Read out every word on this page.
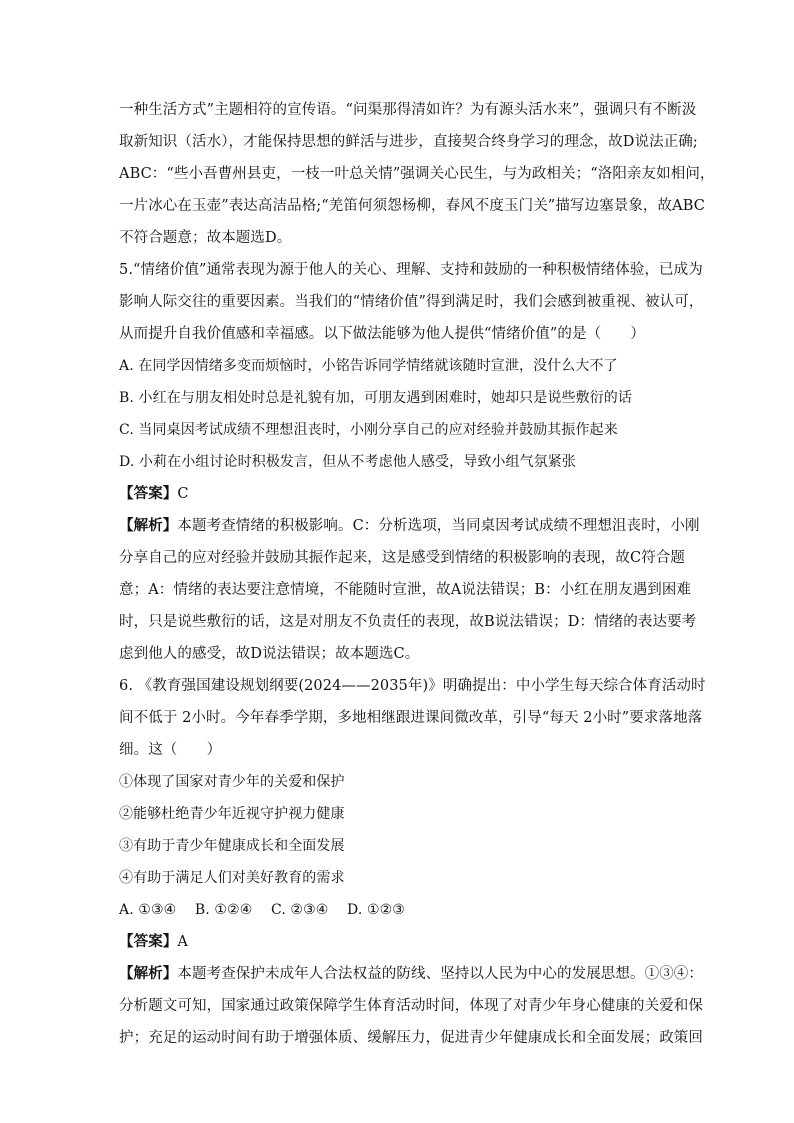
一种生活方式”主题相符的宣传语。“问渠那得清如许？为有源头活水来”，强调只有不断汲
取新知识（活水），才能保持思想的鲜活与进步，直接契合终身学习的理念，故D说法正确;
ABC：“些小吾曹州县吏，一枝一叶总关情”强调关心民生，与为政相关；“洛阳亲友如相问，
一片冰心在玉壶”表达高洁品格;“羌笛何须怨杨柳，春风不度玉门关”描写边塞景象，故ABC
不符合题意；故本题选D。
5.“情绪价值”通常表现为源于他人的关心、理解、支持和鼓励的一种积极情绪体验，已成为
影响人际交往的重要因素。当我们的“情绪价值”得到满足时，我们会感到被重视、被认可，
从而提升自我价值感和幸福感。以下做法能够为他人提供“情绪价值”的是（　　）
A. 在同学因情绪多变而烦恼时，小铭告诉同学情绪就该随时宣泄，没什么大不了
B. 小红在与朋友相处时总是礼貌有加，可朋友遇到困难时，她却只是说些敷衍的话
C. 当同桌因考试成绩不理想沮丧时，小刚分享自己的应对经验并鼓励其振作起来
D. 小莉在小组讨论时积极发言，但从不考虑他人感受，导致小组气氛紧张
【答案】C
【解析】本题考查情绪的积极影响。C：分析选项，当同桌因考试成绩不理想沮丧时，小刚
分享自己的应对经验并鼓励其振作起来，这是感受到情绪的积极影响的表现，故C符合题
意；A：情绪的表达要注意情境，不能随时宣泄，故A说法错误；B：小红在朋友遇到困难
时，只是说些敷衍的话，这是对朋友不负责任的表现，故B说法错误；D：情绪的表达要考
虑到他人的感受，故D说法错误；故本题选C。
6. 《教育强国建设规划纲要(2024——2035年)》明确提出：中小学生每天综合体育活动时
间不低于 2小时。今年春季学期，多地相继跟进课间微改革，引导“每天 2小时”要求落地落
细。这（　　）
①体现了国家对青少年的关爱和保护
②能够杜绝青少年近视守护视力健康
③有助于青少年健康成长和全面发展
④有助于满足人们对美好教育的需求
A. ①③④　 B. ①②④　 C. ②③④　 D. ①②③
【答案】A
【解析】本题考查保护未成年人合法权益的防线、坚持以人民为中心的发展思想。①③④：
分析题文可知，国家通过政策保障学生体育活动时间，体现了对青少年身心健康的关爱和保
护；充足的运动时间有助于增强体质、缓解压力，促进青少年健康成长和全面发展；政策回
